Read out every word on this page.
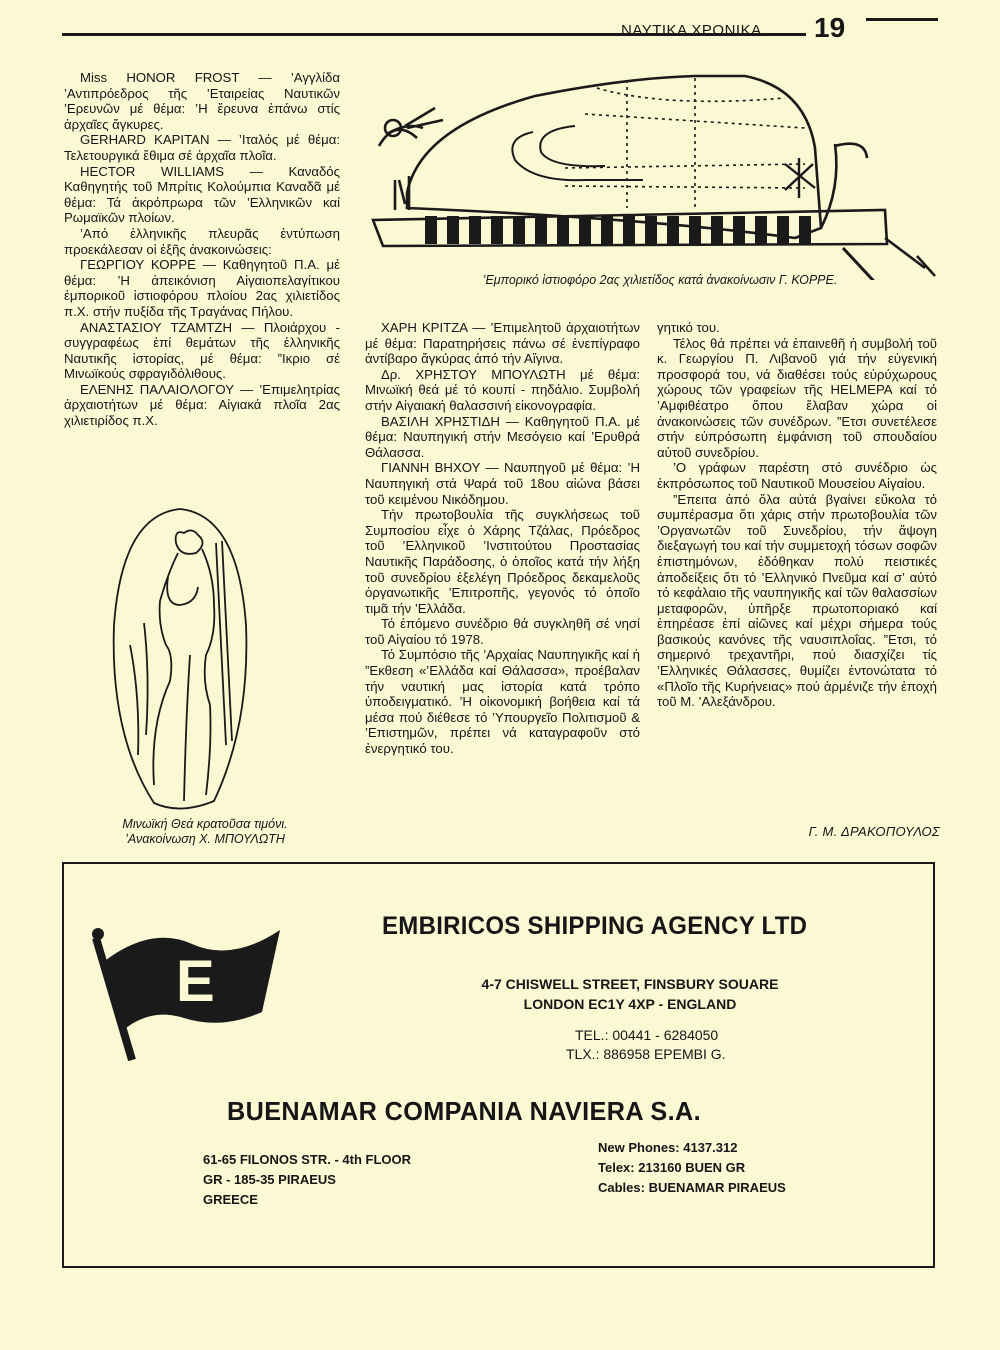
ΝΑΥΤΙΚΑ ΧΡΟΝΙΚΑ 19

Miss HONOR FROST — ’Αγγλίδα ’Αντιπρόεδρος τῆς ’Εταιρείας Ναυτικῶν ’Ερευνῶν μέ θέμα: ’Η ἔρευνα ἐπάνω στίς ἀρχαῖες ἄγκυρες.

GERHARD KAPITAN — ’Ιταλός μέ θέμα: Τελετουργικά ἔθιμα σέ ἀρχαῖα πλοῖα.

HECTOR WILLIAMS — Καναδός Καθηγητής τοῦ Μπρίτις Κολούμπια Καναδᾶ μέ θέμα: Τά ἀκρόπρωρα τῶν ’Ελληνικῶν καί Ρωμαϊκῶν πλοίων.

’Από ἑλληνικῆς πλευρᾶς ἐντύπωση προεκάλεσαν οἱ ἐξῆς ἀνακοινώσεις:

ΓΕΩΡΓΙΟΥ ΚΟΡΡΕ — Καθηγητοῦ Π.Α. μέ θέμα: ’Η ἀπεικόνιση Αἰγαιοπελαγίτικου ἐμπορικοῦ ἱστιοφόρου πλοίου 2ας χιλιετίδος π.Χ. στήν πυξίδα τῆς Τραγάνας Πήλου.

ΑΝΑΣΤΑΣΙΟΥ ΤΖΑΜΤΖΗ — Πλοιάρχου - συγγραφέως ἐπί θεμάτων τῆς ἑλληνικῆς Ναυτικῆς ἱστορίας, μέ θέμα: ”Ικριο σέ Μινωϊκούς σφραγιδόλιθους.

ΕΛΕΝΗΣ ΠΑΛΑΙΟΛΟΓΟΥ — ’Επιμελητρίας ἀρχαιοτήτων μέ θέμα: Αἰγιακά πλοῖα 2ας χιλιετιρίδος π.Χ.

’Εμπορικό ἱστιοφόρο 2ας χιλιετίδος κατά ἀνακοίνωσιν Γ. ΚΟΡΡΕ.
Μινωϊκή Θεά κρατοῦσα τιμόνι.
’Ανακοίνωση Χ. ΜΠΟΥΛΩΤΗ

ΧΑΡΗ ΚΡΙΤΖΑ — ’Επιμελητοῦ ἀρχαιοτήτων μέ θέμα: Παρατηρήσεις πάνω σέ ἐνεπίγραφο ἀντίβαρο ἄγκύρας ἀπό τήν Αἴγινα.

Δρ. ΧΡΗΣΤΟΥ ΜΠΟΥΛΩΤΗ μέ θέμα: Μινωϊκή θεά μέ τό κουπί - πηδάλιο. Συμβολή στήν Αἰγαιακή θαλασσινή εἰκονογραφία.

ΒΑΣΙΛΗ ΧΡΗΣΤΙΔΗ — Καθηγητοῦ Π.Α. μέ θέμα: Ναυπηγική στήν Μεσόγειο καί ’Ερυθρά Θάλασσα.

ΓΙΑΝΝΗ ΒΗΧΟΥ — Ναυπηγοῦ μέ θέμα: ’Η Ναυπηγική στά Ψαρά τοῦ 18ου αἰώνα βάσει τοῦ κειμένου Νικόδημου.

Τήν πρωτοβουλία τῆς συγκλήσεως τοῦ Συμποσίου εἶχε ὁ Χάρης Τζάλας, Πρόεδρος τοῦ ’Ελληνικοῦ ’Ινστιτούτου Προστασίας Ναυτικῆς Παράδοσης, ὁ ὁποῖος κατά τήν λήξη τοῦ συνεδρίου ἐξελέγη Πρόεδρος δεκαμελοῦς ὀργανωτικῆς ’Επιτροπῆς, γεγονός τό ὁποῖο τιμᾶ τήν ’Ελλάδα.

Τό ἑπόμενο συνέδριο θά συγκληθῆ σέ νησί τοῦ Αἰγαίου τό 1978.

Τό Συμπόσιο τῆς ’Αρχαίας Ναυπηγικῆς καί ἡ ”Εκθεση «’Ελλάδα καί Θάλασσα», προέβαλαν τήν ναυτική μας ἱστορία κατά τρόπο ὑποδειγματικό. ’Η οἰκονομική βοήθεια καί τά μέσα πού διέθεσε τό ’Υπουργεῖο Πολιτισμοῦ & ’Επιστημῶν, πρέπει νά καταγραφοῦν στό ἐνεργητικό του.

γητικό του.

Τέλος θά πρέπει νά ἐπαινεθῆ ἡ συμβολή τοῦ κ. Γεωργίου Π. Λιβανοῦ γιά τήν εὐγενική προσφορά του, νά διαθέσει τούς εὐρύχωρους χώρους τῶν γραφείων τῆς HELMEPA καί τό ’Αμφιθέατρο ὅπου ἔλαβαν χώρα οἱ ἀνακοινώσεις τῶν συνέδρων. ”Ετσι συνετέλεσε στήν εὐπρόσωπη ἐμφάνιση τοῦ σπουδαίου αὐτοῦ συνεδρίου.

’Ο γράφων παρέστη στό συνέδριο ὡς ἐκπρόσωπος τοῦ Ναυτικοῦ Μουσείου Αἰγαίου.

”Επειτα ἀπό ὅλα αὐτά βγαίνει εὔκολα τό συμπέρασμα ὅτι χάρις στήν πρωτοβουλία τῶν ’Οργανωτῶν τοῦ Συνεδρίου, τήν ἄψογη διεξαγωγή του καί τήν συμμετοχή τόσων σοφῶν ἐπιστημόνων, ἐδόθηκαν πολύ πειστικές ἀποδείξεις ὅτι τό ’Ελληνικό Πνεῦμα καί σ’ αὐτό τό κεφάλαιο τῆς ναυπηγικῆς καί τῶν θαλασσίων μεταφορῶν, ὑπῆρξε πρωτοποριακό καί ἐπηρέασε ἐπί αἰῶνες καί μέχρι σήμερα τούς βασικούς κανόνες τῆς ναυσιπλοΐας. ”Ετσι, τό σημερινό τρεχαντῆρι, πού διασχίζει τίς ’Ελληνικές Θάλασσες, θυμίζει ἐντονώτατα τό «Πλοῖο τῆς Κυρήνειας» πού ἁρμένιζε τήν ἐποχή τοῦ Μ. ’Αλεξάνδρου.

Γ. Μ. ΔΡΑΚΟΠΟΥΛΟΣ
E
EMBIRICOS SHIPPING AGENCY LTD
4-7 CHISWELL STREET, FINSBURY SOUARE
LONDON EC1Y 4XP - ENGLAND
TEL.: 00441 - 6284050
TLX.: 886958 EPEMBI G.
BUENAMAR COMPANIA NAVIERA S.A.
61-65 FILONOS STR. - 4th FLOOR
GR - 185-35 PIRAEUS
GREECE
New Phones: 4137.312
Telex: 213160 BUEN GR
Cables: BUENAMAR PIRAEUS
